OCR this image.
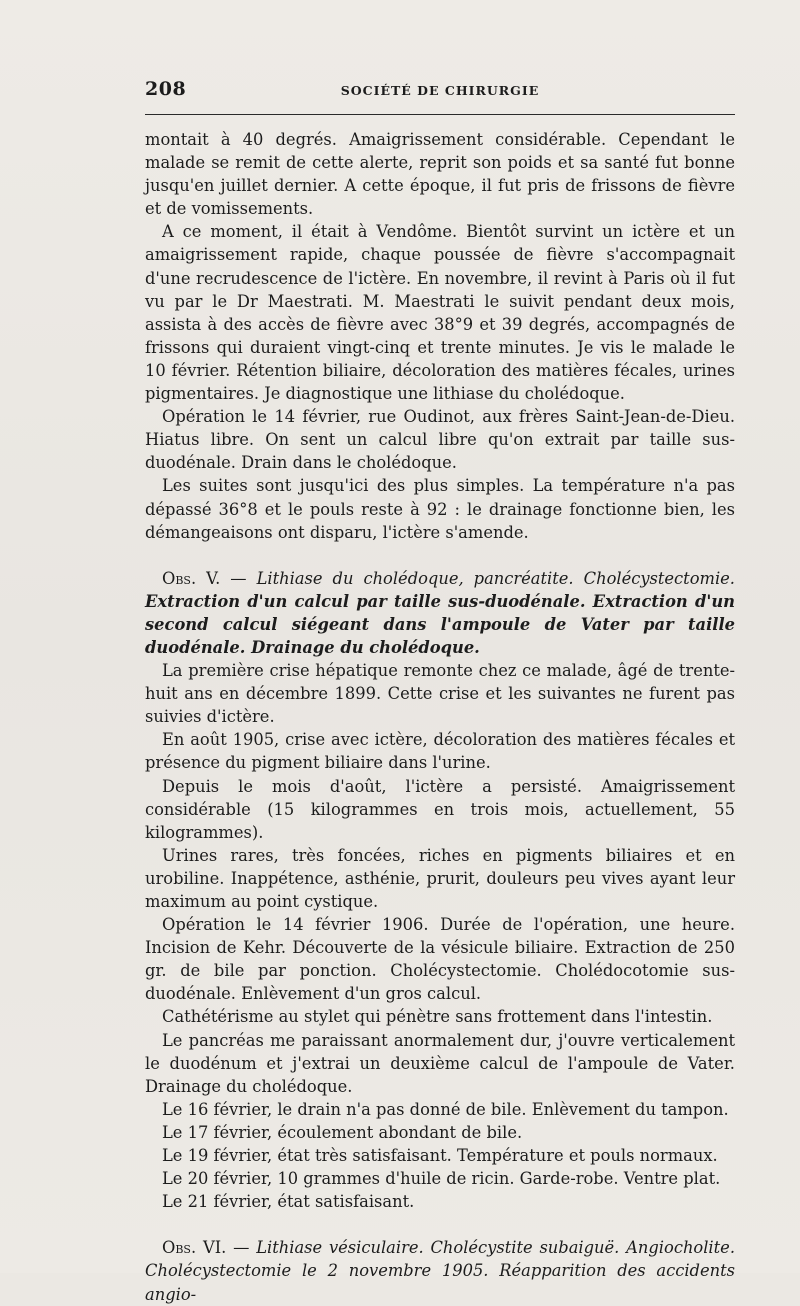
208	SOCIÉTÉ DE CHIRURGIE

montait à 40 degrés. Amaigrissement considérable. Cependant le malade se remit de cette alerte, reprit son poids et sa santé fut bonne jusqu'en juillet dernier. A cette époque, il fut pris de frissons de fièvre et de vomissements.

A ce moment, il était à Vendôme. Bientôt survint un ictère et un amaigrissement rapide, chaque poussée de fièvre s'accompagnait d'une recrudescence de l'ictère. En novembre, il revint à Paris où il fut vu par le Dr Maestrati. M. Maestrati le suivit pendant deux mois, assista à des accès de fièvre avec 38°9 et 39 degrés, accompagnés de frissons qui duraient vingt-cinq et trente minutes. Je vis le malade le 10 février. Rétention biliaire, décoloration des matières fécales, urines pigmentaires. Je diagnostique une lithiase du cholédoque.

Opération le 14 février, rue Oudinot, aux frères Saint-Jean-de-Dieu. Hiatus libre. On sent un calcul libre qu'on extrait par taille sus-duodénale. Drain dans le cholédoque.

Les suites sont jusqu'ici des plus simples. La température n'a pas dépassé 36°8 et le pouls reste à 92 : le drainage fonctionne bien, les démangeaisons ont disparu, l'ictère s'amende.

Obs. V. — Lithiase du cholédoque, pancréatite. Cholécystectomie. Extraction d'un calcul par taille sus-duodénale. Extraction d'un second calcul siégeant dans l'ampoule de Vater par taille duodénale. Drainage du cholédoque.

La première crise hépatique remonte chez ce malade, âgé de trente-huit ans en décembre 1899. Cette crise et les suivantes ne furent pas suivies d'ictère.

En août 1905, crise avec ictère, décoloration des matières fécales et présence du pigment biliaire dans l'urine.

Depuis le mois d'août, l'ictère a persisté. Amaigrissement considérable (15 kilogrammes en trois mois, actuellement, 55 kilogrammes).

Urines rares, très foncées, riches en pigments biliaires et en urobiline. Inappétence, asthénie, prurit, douleurs peu vives ayant leur maximum au point cystique.

Opération le 14 février 1906. Durée de l'opération, une heure. Incision de Kehr. Découverte de la vésicule biliaire. Extraction de 250 gr. de bile par ponction. Cholécystectomie. Cholédocotomie sus-duodénale. Enlèvement d'un gros calcul.

Cathétérisme au stylet qui pénètre sans frottement dans l'intestin.

Le pancréas me paraissant anormalement dur, j'ouvre verticalement le duodénum et j'extrai un deuxième calcul de l'ampoule de Vater. Drainage du cholédoque.

Le 16 février, le drain n'a pas donné de bile. Enlèvement du tampon.

Le 17 février, écoulement abondant de bile.

Le 19 février, état très satisfaisant. Température et pouls normaux.

Le 20 février, 10 grammes d'huile de ricin. Garde-robe. Ventre plat.

Le 21 février, état satisfaisant.

Obs. VI. — Lithiase vésiculaire. Cholécystite subaiguë. Angiocholite. Cholécystectomie le 2 novembre 1905. Réapparition des accidents angio-
